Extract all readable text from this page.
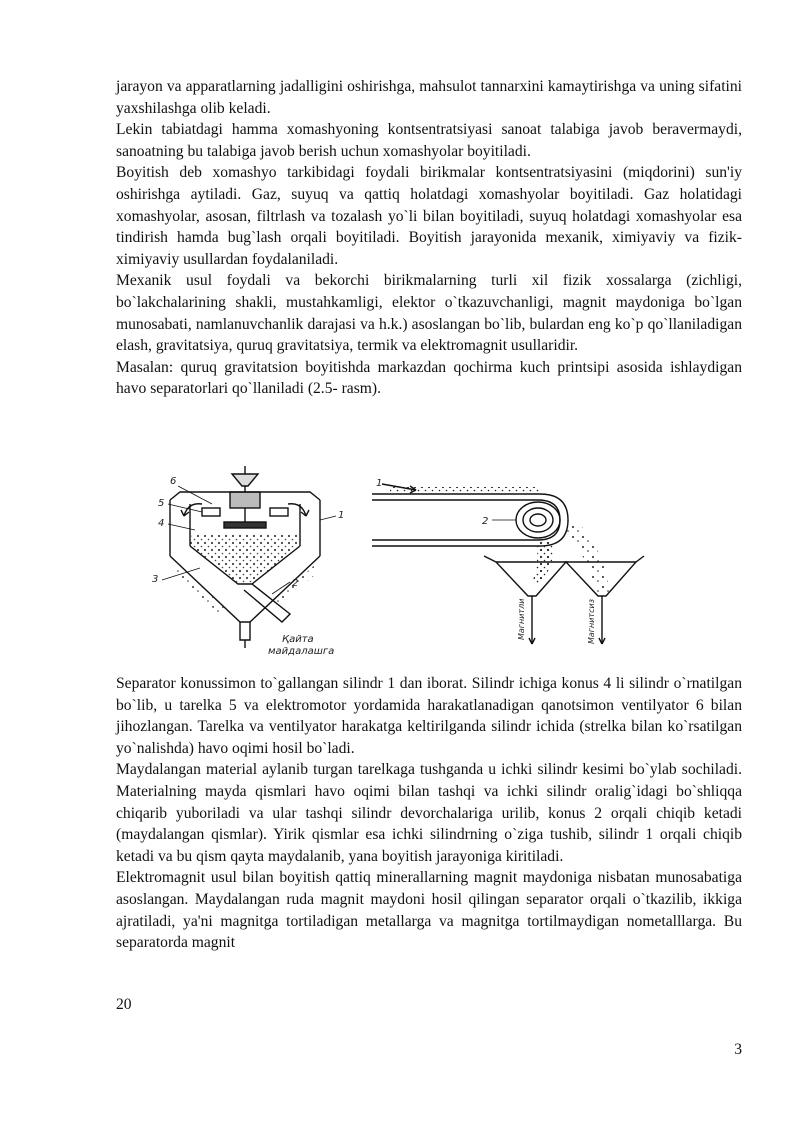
jarayon va apparatlarning jadalligini oshirishga, mahsulot tannarxini kamaytirishga va uning sifatini yaxshilashga olib keladi.

Lekin tabiatdagi hamma xomashyoning kontsentratsiyasi sanoat talabiga javob beravermaydi, sanoatning bu talabiga javob berish uchun xomashyolar boyitiladi.

Boyitish deb xomashyo tarkibidagi foydali birikmalar kontsentratsiyasini (miqdorini) sun'iy oshirishga aytiladi. Gaz, suyuq va qattiq holatdagi xomashyolar boyitiladi. Gaz holatidagi xomashyolar, asosan, filtrlash va tozalash yo`li bilan boyitiladi, suyuq holatdagi xomashyolar esa tindirish hamda bug`lash orqali boyitiladi. Boyitish jarayonida mexanik, ximiyaviy va fizik-ximiyaviy usullardan foydalaniladi.

Mexanik usul foydali va bekorchi birikmalarning turli xil fizik xossalarga (zichligi, bo`lakchalarining shakli, mustahkamligi, elektor o`tkazuvchanligi, magnit maydoniga bo`lgan munosabati, namlanuvchanlik darajasi va h.k.) asoslangan bo`lib, bulardan eng ko`p qo`llaniladigan elash, gravitatsiya, quruq gravitatsiya, termik va elektromagnit usullaridir.

Masalan: quruq gravitatsion boyitishda markazdan qochirma kuch printsipi asosida ishlaydigan havo separatorlari qo`llaniladi (2.5- rasm).

6
5
4
3	2
1
Қайта
майдалашга
1
2
Магнитли	Магнитсиз

Separator konussimon to`gallangan silindr 1 dan iborat. Silindr ichiga konus 4 li silindr o`rnatilgan bo`lib, u tarelka 5 va elektromotor yordamida harakatlanadigan qanotsimon ventilyator 6 bilan jihozlangan. Tarelka va ventilyator harakatga keltirilganda silindr ichida (strelka bilan ko`rsatilgan yo`nalishda) havo oqimi hosil bo`ladi.

Maydalangan material aylanib turgan tarelkaga tushganda u ichki silindr kesimi bo`ylab sochiladi. Materialning mayda qismlari havo oqimi bilan tashqi va ichki silindr oralig`idagi bo`shliqqa chiqarib yuboriladi va ular tashqi silindr devorchalariga urilib, konus 2 orqali chiqib ketadi (maydalangan qismlar). Yirik qismlar esa ichki silindrning o`ziga tushib, silindr 1 orqali chiqib ketadi va bu qism qayta maydalanib, yana boyitish jarayoniga kiritiladi.

Elektromagnit usul bilan boyitish qattiq minerallarning magnit maydoniga nisbatan munosabatiga asoslangan. Maydalangan ruda magnit maydoni hosil qilingan separator orqali o`tkazilib, ikkiga ajratiladi, ya'ni magnitga tortiladigan metallarga va magnitga tortilmaydigan nometalllarga. Bu separatorda magnit

20
3
